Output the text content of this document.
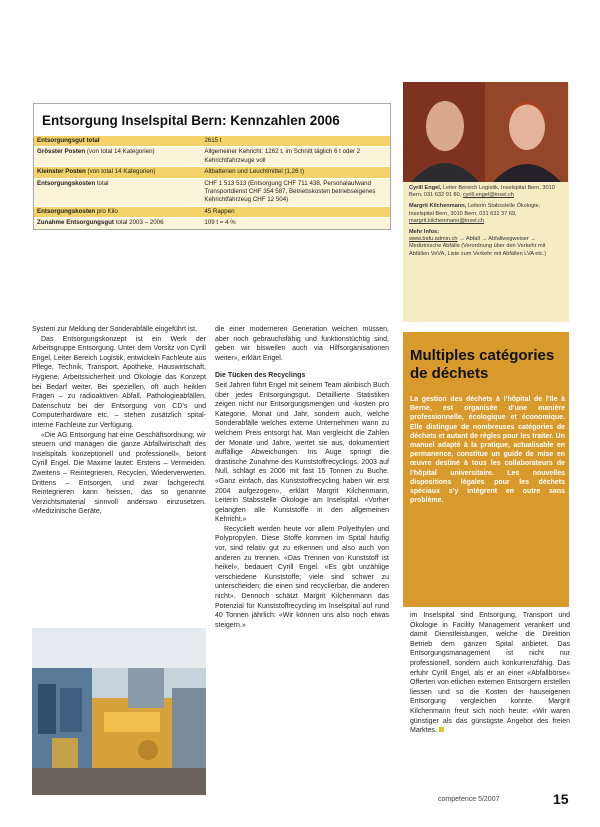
Entsorgung Inselspital Bern: Kennzahlen 2006
Entsorgungsgut total	2615 t
Grösster Posten (von total 14 Kategorien)	Allgemeiner Kehricht: 1262 t, im Schnitt täglich 6 t oder 2 Kehrichtfahrzeuge voll
Kleinster Posten (von total 14 Kategorien)	Altbatterien und Leuchtmittel (1,26 t)
Entsorgungskosten total	CHF 1 513 513 (Entsorgung CHF 711 438, Personalaufwand Transportdienst CHF 354 587, Betriebskosten betriebseigenes Kehrichtfahrzeug CHF 12 504)
Entsorgungskosten pro Kilo	45 Rappen
Zunahme Entsorgungsgut total 2003 – 2006	109 t = 4 %

Cyrill Engel, Leiter Bereich Logistik, Inselspital Bern, 3010 Bern, 031 632 91 80, cyrill.engel@insel.ch

Margrit Kilchenmann, Leiterin Stabsstelle Ökologie, Inselspital Bern, 3010 Bern, 031 632 37 69, margrit.kilchenmann@insel.ch

Mehr Infos:
www.bafu.admin.ch → Abfall → Abfallwegweiser → Medizinische Abfälle (Verordnung über den Verkehr mit Abfällen VeVA, Liste zum Verkehr mit Abfällen LVA etc.)

Multiples catégories de déchets
La gestion des déchets à l’hôpital de l’Ile à Berne, est organisée d’une manière professionnelle, écologique et économique. Elle distingue de nombreuses catégories de déchets et autant de règles pour les traiter. Un manuel adapté à la pratique, actualisable en permanence, constitue un guide de mise en œuvre destiné à tous les collaborateurs de l’hôpital universitaire. Les nouvelles dispositions légales pour les déchets spéciaux s’y intègrent en outre sans problème.

System zur Meldung der Sonderabfälle eingeführt ist.

Das Entsorgungskonzept ist ein Werk der Arbeitsgruppe Entsorgung. Unter dem Vorsitz von Cyrill Engel, Leiter Bereich Logistik, entwickeln Fachleute aus Pflege, Technik, Transport, Apotheke, Hauswirtschaft, Hygiene, Arbeitssicherheit und Ökologie das Konzept bei Bedarf weiter. Bei speziellen, oft auch heiklen Fragen – zu radioaktiven Abfall, Pathologieabfällen, Datenschutz bei der Entsorgung von CD’s und Computerhardware etc. – stehen zusätzlich spital-interne Fachleute zur Verfügung.

«Die AG Entsorgung hat eine Geschäftsordnung; wir steuern und managen die ganze Abfallwirtschaft des Inselspitals konzeptionell und professionell», betont Cyrill Engel. Die Maxime lautet: Erstens – Vermeiden. Zweitens – Reintegrieren, Recyclen, Wiederverwerten. Drittens – Entsorgen, und zwar fachgerecht. Reintegrieren kann heissen, das so genannte Verzichtsmaterial sinnvoll anderswo einzusetzen. «Medizinische Geräte,

die einer moderneren Generation weichen müssen, aber noch gebrauchsfähig und funktionstüchtig sind, geben wir bisweilen auch via Hilfsorganisationen weiter», erklärt Engel.

Die Tücken des Recyclings

Seit Jahren führt Engel mit seinem Team akribisch Buch über jedes Entsorgungsgut. Detaillierte Statistiken zeigen nicht nur Entsorgungsmengen und -kosten pro Kategorie, Monat und Jahr, sondern auch, welche Sonderabfälle welches externe Unternehmen wann zu welchem Preis entsorgt hat. Man vergleicht die Zahlen der Monate und Jahre, wertet sie aus, dokumentiert auffällige Abweichungen. Ins Auge springt die drastische Zunahme des Kunststoffrecyclings. 2003 auf Null, schlägt es 2006 mit fast 15 Tonnen zu Buche. «Ganz einfach, das Kunststoffrecycling haben wir erst 2004 aufgezogen», erklärt Margrit Kilchenmann, Leiterin Stabsstelle Ökologie am Inselspital. «Vorher gelangten alle Kunststoffe in den allgemeinen Kehricht.»

Recyclieft werden heute vor allem Polyethylen und Polypropylen. Diese Stoffe kommen im Spital häufig vor, sind relativ gut zu erkennen und also auch von anderen zu trennen. «Das Trennen von Kunststoff ist heikel», bedauert Cyrill Engel. «Es gibt unzählige verschiedene Kunststoffe; viele sind schwer zu unterscheiden; die einen sind recyclierbar, die anderen nicht». Dennoch schätzt Margrit Kilchenmann das Potenzial für Kunststoffrecycling im Inselspital auf rund 40 Tonnen jährlich: «Wir können uns also noch etwas steigern.»

im Inselspital sind Entsorgung, Transport und Ökologie in Facility Management verankert und damit Dienstleistungen, welche die Direktion Betrieb dem ganzen Spital anbietet. Das Entsorgungsmanagement ist nicht nur professionell, sondern auch konkurrenzfähig. Das erfuhr Cyrill Engel, als er an einer «Abfallbörse» Offerten von etlichen externen Entsorgern erstellen liessen und so die Kosten der hauseigenen Entsorgung vergleichen konnte. Margrit Kilchenmann freut sich noch heute: «Wir waren günstiger als das günstigste Angebot des freien Marktes.

competence 5/2007	15
